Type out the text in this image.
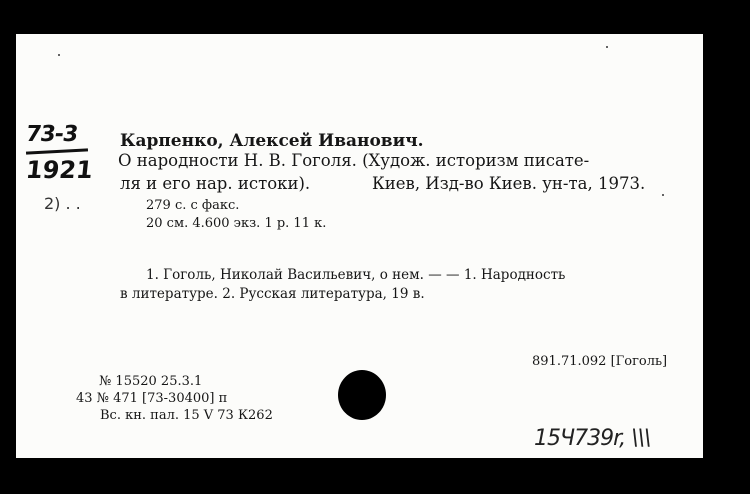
73-3
1921
2) . .
Карпенко, Алексей Иванович.
О народности Н. В. Гоголя. (Худож. историзм писате-
ля и его нар. истоки).	Киев, Изд-во Киев. ун-та, 1973.
279 с. с факс.
20 см. 4.600 экз. 1 р. 11 к.
1. Гоголь, Николай Васильевич, о нем. — — 1. Народность
в литературе. 2. Русская литература, 19 в.
891.71.092 [Гоголь]
№ 15520 25.3.1
43 № 471 [73-30400] п
Вс. кн. пал. 15 V 73 К262
15Ч739r, \\\
